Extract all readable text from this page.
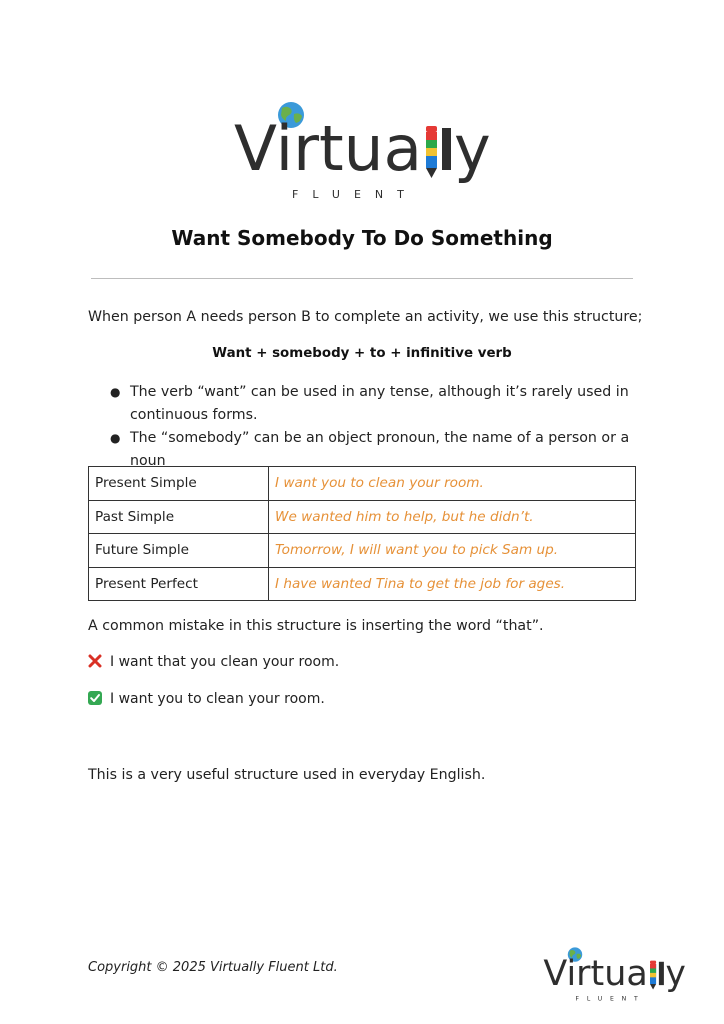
Virtua y
FLUENT
Want Somebody To Do Something
When person A needs person B to complete an activity, we use this structure;
Want + somebody + to + infinitive verb
● The verb “want” can be used in any tense, although it’s rarely used in
continuous forms.
● The “somebody” can be an object pronoun, the name of a person or a noun
Present Simple	I want you to clean your room.
Past Simple	We wanted him to help, but he didn’t.
Future Simple	Tomorrow, I will want you to pick Sam up.
Present Perfect	I have wanted Tina to get the job for ages.
A common mistake in this structure is inserting the word “that”.
I want that you clean your room.
I want you to clean your room.
This is a very useful structure used in everyday English.
Copyright © 2025 Virtually Fluent Ltd.	Virtua y
FLUENT
